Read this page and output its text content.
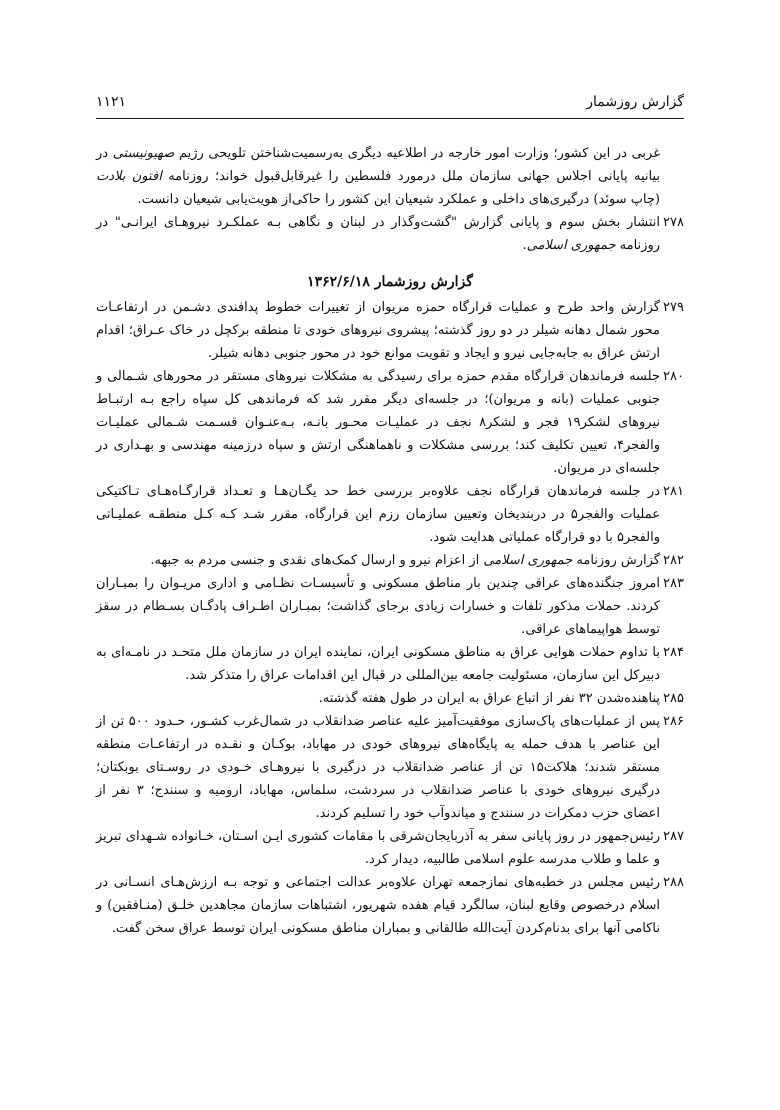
گزارش روزشمار
۱۱۲۱

غربی در این کشور؛ وزارت امور خارجه در اطلاعیه دیگری به‌رسمیت‌شناختن تلویحی رژیم صهیونیستی در بیانیه پایانی اجلاس جهانی سازمان ملل درمورد فلسطین را غیرقابل‌قبول خواند؛ روزنامه افتون بلادت (چاپ سوئد) درگیری‌های داخلی و عملکرد شیعیان این کشور را حاکی‌از هویت‌یابی شیعیان دانست.

۲۷۸
انتشار بخش سوم و پایانی گزارش "گشت‌وگذار در لبنان و نگاهی بـه عملکـرد نیروهـای ایرانـی" در روزنامه جمهوری اسلامی.

گزارش روزشمار ۱۳۶۲/۶/۱۸

۲۷۹
گزارش واحد طرح و عملیات قرارگاه حمزه مریوان از تغییرات خطوط پدافندی دشـمن در ارتفاعـات محور شمال دهانه شیلر در دو روز گذشته؛ پیشروی نیروهای خودی تا منطقه برکچل در خاک عـراق؛ اقدام ارتش عراق به جابه‌جایی نیرو و ایجاد و تقویت موانع خود در محور جنوبی دهانه شیلر.

۲۸۰
جلسه فرماندهان قرارگاه مقدم حمزه برای رسیدگی به مشکلات نیروهای مستقر در محورهای شـمالی و جنوبی عملیات (بانه و مریوان)؛ در جلسه‌ای دیگر مقرر شد که فرماندهی کل سپاه راجع بـه ارتبـاط نیروهای لشکر۱۹ فجر و لشکر۸ نجف در عملیـات محـور بانـه، بـه‌عنـوان قسـمت شـمالی عملیـات والفجر۴، تعیین تکلیف کند؛ بررسی مشکلات و ناهماهنگی ارتش و سپاه درزمینه مهندسی و بهـداری در جلسه‌ای در مریوان.

۲۸۱
در جلسه فرماندهان قرارگاه نجف علاوه‌بر بررسی خط حد یگـان‌هـا و تعـداد قرارگـاه‌هـای تـاکتیکی عملیات والفجر۵ در دربندیخان وتعیین سازمان رزم این قرارگاه، مقرر شـد کـه کـل منطقـه عملیـاتی والفجر۵ با دو قرارگاه عملیاتی هدایت شود.

۲۸۲
گزارش روزنامه جمهوری اسلامی از اعزام نیرو و ارسال کمک‌های نقدی و جنسی مردم به جبهه.

۲۸۳
امروز جنگنده‌های عراقی چندین بار مناطق مسکونی و تأسیسـات نظـامی و اداری مریـوان را بمبـاران کردند. حملات مذکور تلفات و خسارات زیادی برجای گذاشت؛ بمبـاران اطـراف پادگـان بسـطام در سقز توسط هواپیماهای عراقی.

۲۸۴
با تداوم حملات هوایی عراق به مناطق مسکونی ایران، نماینده ایران در سازمان ملل متحـد در نامـه‌ای به دبیرکل این سازمان، مسئولیت جامعه بین‌المللی در قبال این اقدامات عراق را متذکر شد.

۲۸۵
پناهنده‌شدن ۳۲ نفر از اتباع عراق به ایران در طول هفته گذشته.

۲۸۶
پس از عملیات‌های پاک‌سازی موفقیت‌آمیز علیه عناصر ضدانقلاب در شمال‌غرب کشـور، حـدود ۵۰۰ تن از این عناصر با هدف حمله به پایگاه‌های نیروهای خودی در مهاباد، بوکـان و نقـده در ارتفاعـات منطقه مستقر شدند؛ هلاکت۱۵ تن از عناصر ضدانقلاب در درگیری با نیروهـای خـودی در روسـتای بوبکتان؛ درگیری نیروهای خودی با عناصر ضدانقلاب در سردشت، سلماس، مهاباد، ارومیه و سنندج؛ ۳ نفر از اعضای حزب دمکرات در سنندج و میاندوآب خود را تسلیم کردند.

۲۸۷
رئیس‌جمهور در روز پایانی سفر به آذربایجان‌شرقی با مقامات کشوری ایـن اسـتان، خـانواده شـهدای تبریز و علما و طلاب مدرسه علوم اسلامی طالبیه، دیدار کرد.

۲۸۸
رئیس مجلس در خطبه‌های نمازجمعه تهران علاوه‌بر عدالت اجتماعی و توجه بـه ارزش‌هـای انسـانی در اسلام درخصوص وقایع لبنان، سالگرد قیام هفده شهریور، اشتباهات سازمان مجاهدین خلـق (منـافقین) و ناکامی آنها برای بدنام‌کردن آیت‌الله طالقانی و بمباران مناطق مسکونی ایران توسط عراق سخن گفت.
